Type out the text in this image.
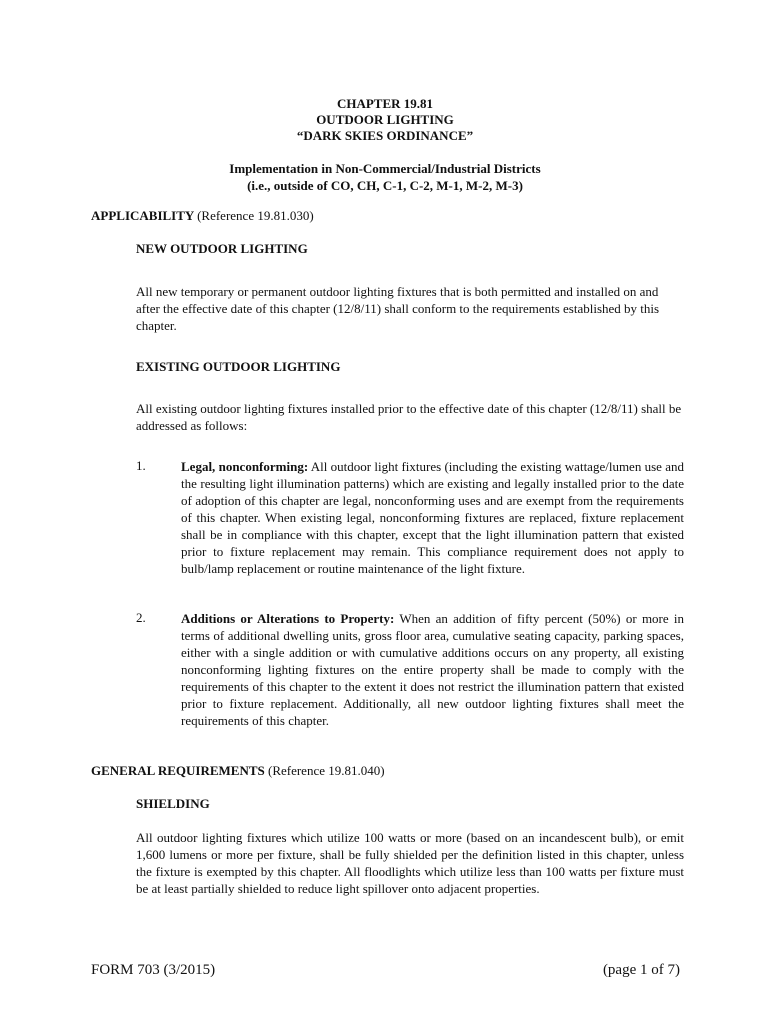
CHAPTER 19.81
OUTDOOR LIGHTING
“DARK SKIES ORDINANCE”
Implementation in Non-Commercial/Industrial Districts
(i.e., outside of CO, CH, C-1, C-2, M-1, M-2, M-3)
APPLICABILITY (Reference 19.81.030)
NEW OUTDOOR LIGHTING
All new temporary or permanent outdoor lighting fixtures that is both permitted and installed on and after the effective date of this chapter (12/8/11) shall conform to the requirements established by this chapter.
EXISTING OUTDOOR LIGHTING
All existing outdoor lighting fixtures installed prior to the effective date of this chapter (12/8/11) shall be addressed as follows:
1.	Legal, nonconforming: All outdoor light fixtures (including the existing wattage/lumen use and the resulting light illumination patterns) which are existing and legally installed prior to the date of adoption of this chapter are legal, nonconforming uses and are exempt from the requirements of this chapter. When existing legal, nonconforming fixtures are replaced, fixture replacement shall be in compliance with this chapter, except that the light illumination pattern that existed prior to fixture replacement may remain. This compliance requirement does not apply to bulb/lamp replacement or routine maintenance of the light fixture.
2.	Additions or Alterations to Property: When an addition of fifty percent (50%) or more in terms of additional dwelling units, gross floor area, cumulative seating capacity, parking spaces, either with a single addition or with cumulative additions occurs on any property, all existing nonconforming lighting fixtures on the entire property shall be made to comply with the requirements of this chapter to the extent it does not restrict the illumination pattern that existed prior to fixture replacement. Additionally, all new outdoor lighting fixtures shall meet the requirements of this chapter.
GENERAL REQUIREMENTS (Reference 19.81.040)
SHIELDING
All outdoor lighting fixtures which utilize 100 watts or more (based on an incandescent bulb), or emit 1,600 lumens or more per fixture, shall be fully shielded per the definition listed in this chapter, unless the fixture is exempted by this chapter. All floodlights which utilize less than 100 watts per fixture must be at least partially shielded to reduce light spillover onto adjacent properties.
FORM 703 (3/2015)	(page 1 of 7)
